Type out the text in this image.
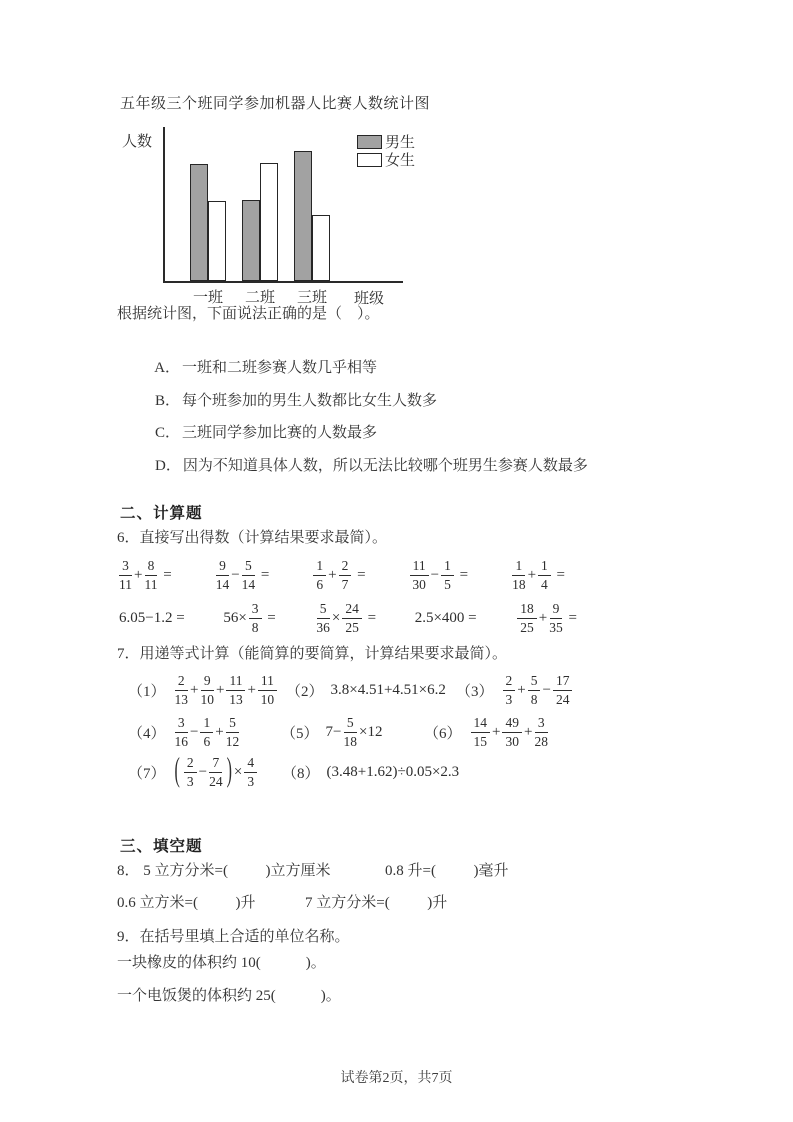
五年级三个班同学参加机器人比赛人数统计图
人数
班级
一班	二班	三班
男生
女生
根据统计图，下面说法正确的是（　）。

A． 一班和二班参赛人数几乎相等

B． 每个班参加的男生人数都比女生人数多

C． 三班同学参加比赛的人数最多

D． 因为不知道具体人数，所以无法比较哪个班男生参赛人数最多

二、计算题
6．直接写出得数（计算结果要求最简）。
$\frac{3}{11} + \frac{8}{11}$ =	$\frac{9}{14} - \frac{5}{14}$ =	$\frac{1}{6} + \frac{2}{7}$ =	$\frac{11}{30} - \frac{1}{5}$ =	$\frac{1}{18} + \frac{1}{4}$ =
6.05−1.2 =	$56\times \frac{3}{8}$ =	$\frac{5}{36} \times \frac{24}{25}$ =	2.5×400 =	$\frac{18}{25} + \frac{9}{35}$ =
7．用递等式计算（能简算的要简算，计算结果要求最简）。
$(1) \frac{2}{13} + \frac{9}{10} + \frac{11}{13} + \frac{11}{10} (2)$ 3.8×4.51+4.51×6.2 $(3) \frac{2}{3} + \frac{5}{8} - \frac{17}{24}$
$(4) \frac{3}{16} - \frac{1}{6} + \frac{5}{12}$	（5） $7- \frac{5}{18} \times 12$	$(6) \frac{14}{15} + \frac{49}{30} + \frac{3}{28}$
（7） ( $\frac{2}{3} - \frac{7}{24}$ ) × $\frac{4}{3} (8)$ (3.48+1.62)÷0.05×2.3
三、填空题
8． 5 立方分米=(          )立方厘米	0.8 升=(          )毫升
0.6 立方米=(          )升	7 立方分米=(          )升
9．在括号里填上合适的单位名称。
一块橡皮的体积约 10(            )。
一个电饭煲的体积约 25(            )。
试卷第2页，共7页
